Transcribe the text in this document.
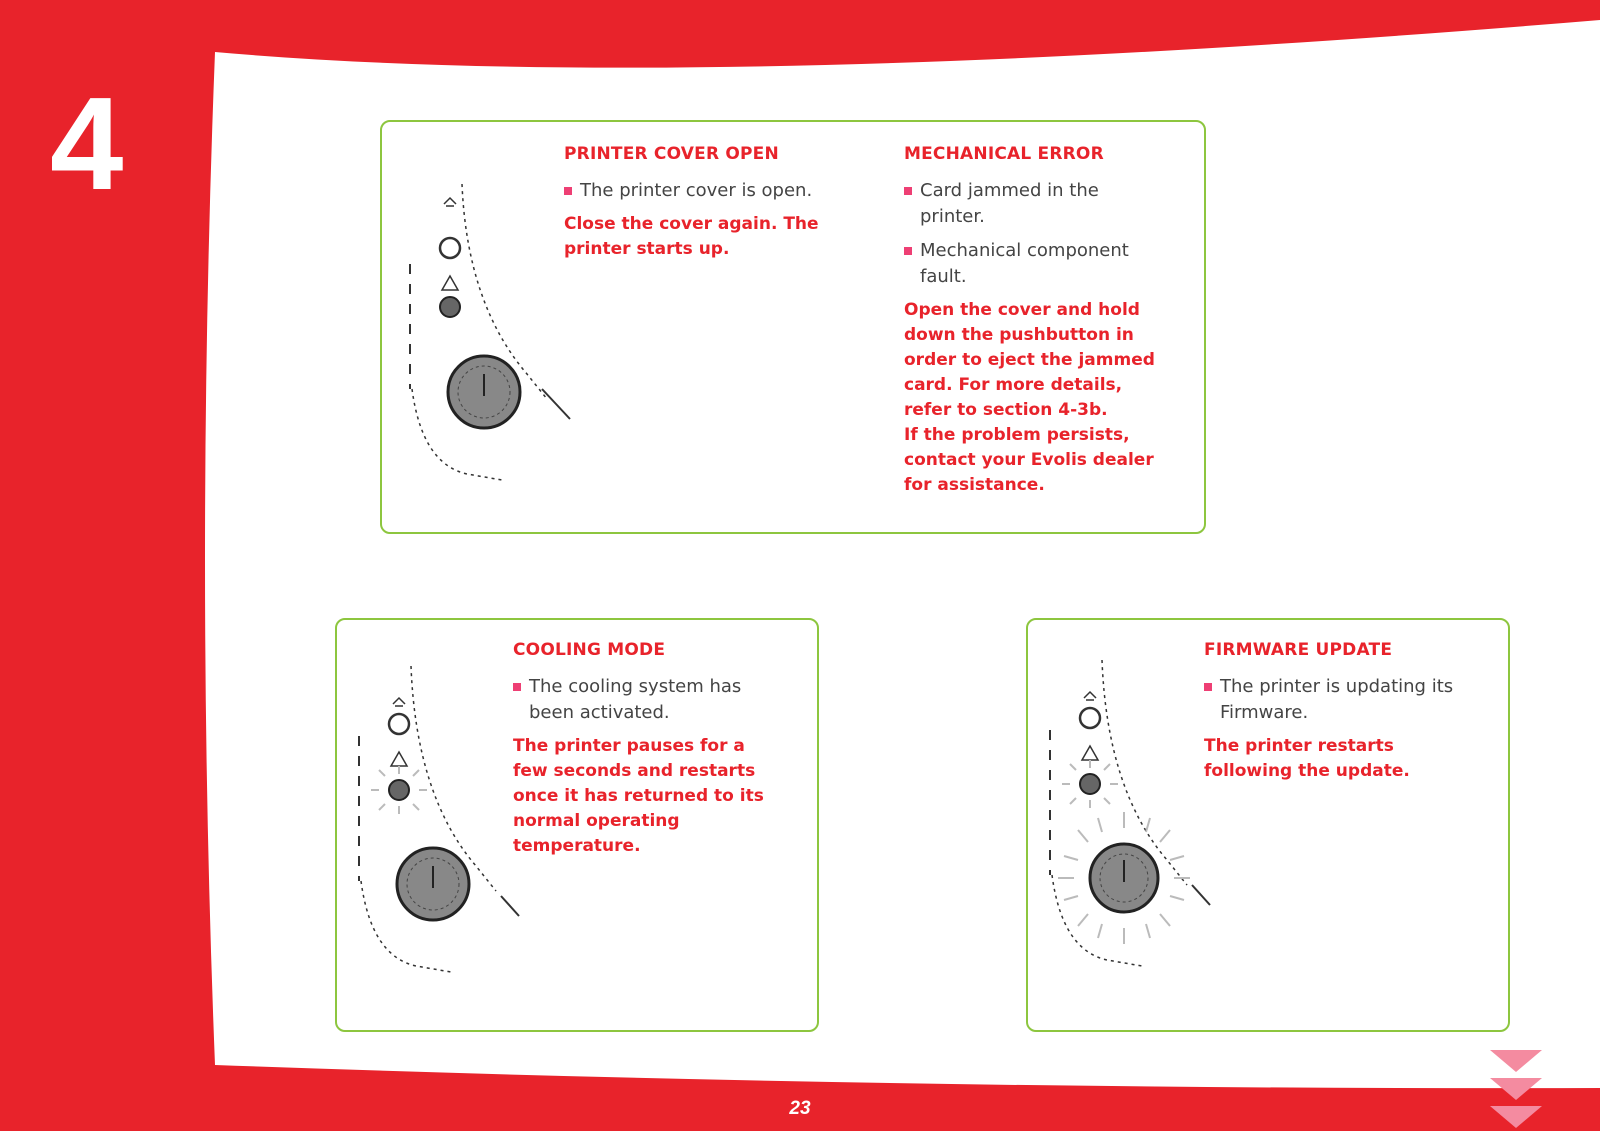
4	PRINTER COVER OPEN

The printer cover is open.

Close the cover again. The printer starts up.

MECHANICAL ERROR

Card jammed in the printer.

Mechanical component fault.

Open the cover and hold down the pushbutton in order to eject the jammed card. For more details, refer to section 4-3b.

If the problem persists, contact your Evolis dealer for assistance.

COOLING MODE

The cooling system has been activated.

The printer pauses for a few seconds and restarts once it has returned to its normal operating temperature.

FIRMWARE UPDATE

The printer is updating its Firmware.

The printer restarts following the update.

23
